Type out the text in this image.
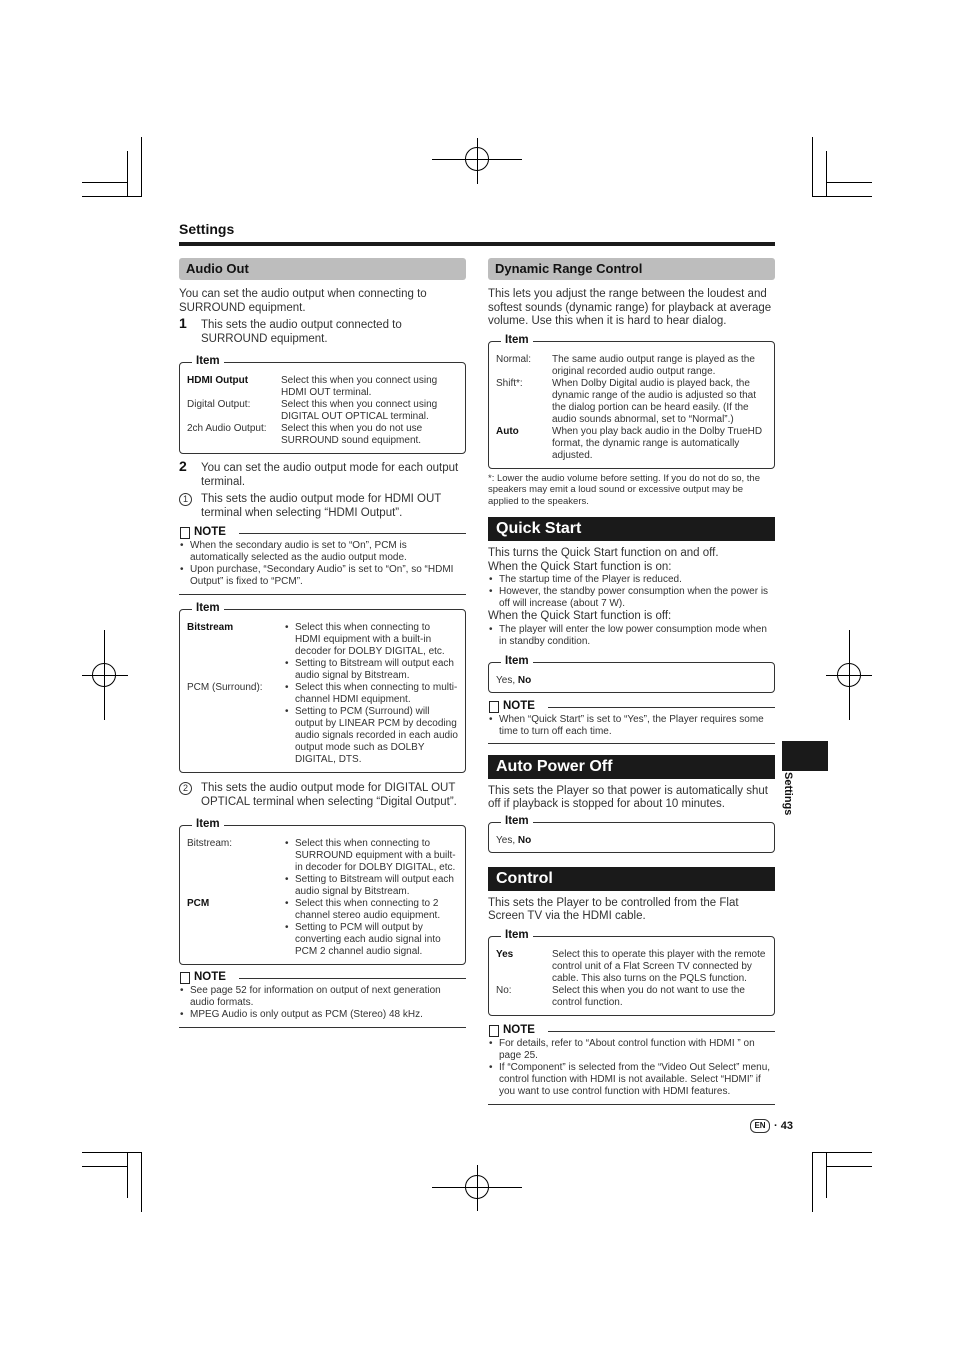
Settings
Audio Out

You can set the audio output when connecting to SURROUND equipment.

1 This sets the audio output connected to SURROUND equipment.
Item
HDMI Output	Select this when you connect using HDMI OUT terminal.
Digital Output:	Select this when you connect using DIGITAL OUT OPTICAL terminal.
2ch Audio Output:	Select this when you do not use SURROUND sound equipment.
2 You can set the audio output mode for each output terminal.
1	This sets the audio output mode for HDMI OUT terminal when selecting “HDMI Output”.
NOTE
• When the secondary audio is set to “On”, PCM is automatically selected as the audio output mode.
• Upon purchase, “Secondary Audio” is set to “On”, so “HDMI Output” is fixed to “PCM”.
Item
Bitstream	• Select this when connecting to HDMI equipment with a built-in decoder for DOLBY DIGITAL, etc.
• Setting to Bitstream will output each audio signal by Bitstream.
PCM (Surround):	• Select this when connecting to multi-channel HDMI equipment.
• Setting to PCM (Surround) will output by LINEAR PCM by decoding audio signals recorded in each audio output mode such as DOLBY DIGITAL, DTS.
2	This sets the audio output mode for DIGITAL OUT OPTICAL terminal when selecting “Digital Output”.
Item
Bitstream:	• Select this when connecting to SURROUND equipment with a built-in decoder for DOLBY DIGITAL, etc.
• Setting to Bitstream will output each audio signal by Bitstream.
PCM	• Select this when connecting to 2 channel stereo audio equipment.
• Setting to PCM will output by converting each audio signal into PCM 2 channel audio signal.
NOTE
• See page 52 for information on output of next generation audio formats.
• MPEG Audio is only output as PCM (Stereo) 48 kHz.
Dynamic Range Control

This lets you adjust the range between the loudest and softest sounds (dynamic range) for playback at average volume. Use this when it is hard to hear dialog.

Item
Normal:	The same audio output range is played as the original recorded audio output range.
Shift*:	When Dolby Digital audio is played back, the dynamic range of the audio is adjusted so that the dialog portion can be heard easily. (If the audio sounds abnormal, set to “Normal”.)
Auto	When you play back audio in the Dolby TrueHD format, the dynamic range is automatically adjusted.

*: Lower the audio volume before setting. If you do not do so, the speakers may emit a loud sound or excessive output may be applied to the speakers.

Quick Start

This turns the Quick Start function on and off.

When the Quick Start function is on:

• The startup time of the Player is reduced.
• However, the standby power consumption when the power is off will increase (about 7 W).

When the Quick Start function is off:

• The player will enter the low power consumption mode when in standby condition.
Item
Yes,
No
NOTE
• When “Quick Start” is set to “Yes”, the Player requires some time to turn off each time.
Auto Power Off

This sets the Player so that power is automatically shut off if playback is stopped for about 10 minutes.

Item
Yes,
No
Control

This sets the Player to be controlled from the Flat Screen TV via the HDMI cable.

Item
Yes	Select this to operate this player with the remote control unit of a Flat Screen TV connected by cable. This also turns on the PQLS function.
No:	Select this when you do not want to use the control function.
NOTE
• For details, refer to “About control function with HDMI ” on page 25.
• If “Component” is selected from the “Video Out Select” menu, control function with HDMI is not available. Select “HDMI” if you want to use control function with HDMI features.
Settings
EN · 43
